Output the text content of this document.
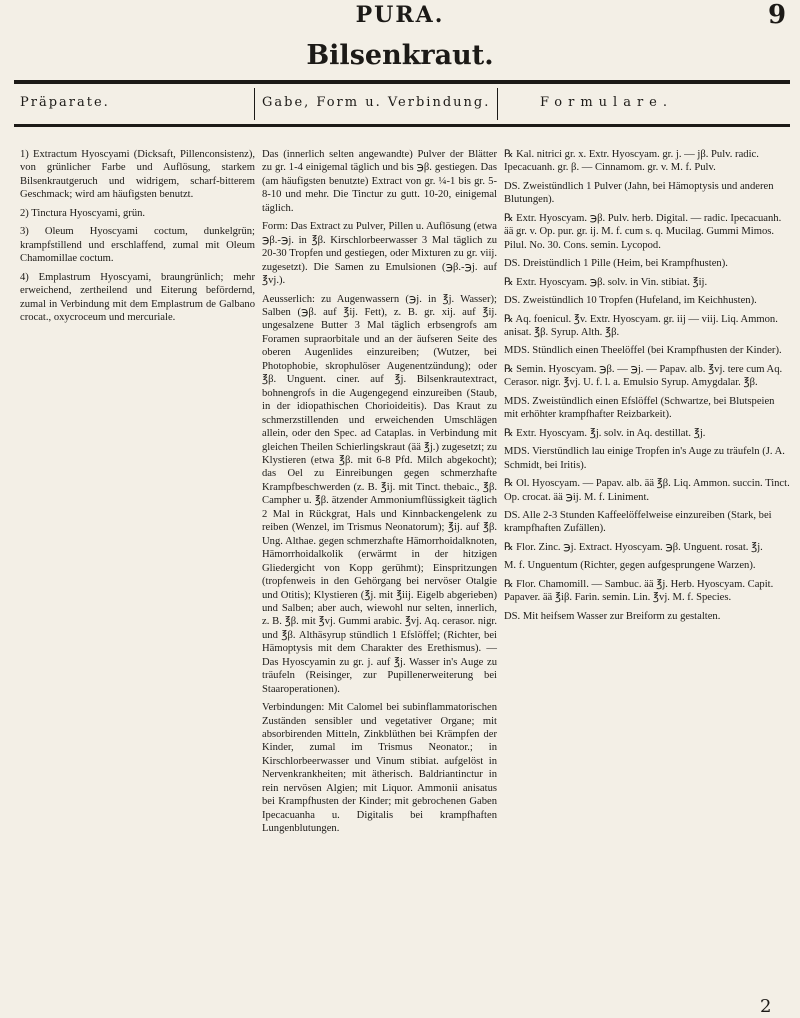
PURA.	9
Bilsenkraut.
Präparate.	Gabe, Form u. Verbindung.	Formulare.

1) Extractum Hyoscyami (Dicksaft, Pillenconsistenz), von grünlicher Farbe und Auflösung, starkem Bilsenkrautgeruch und widrigem, scharf-bitterem Geschmack; wird am häufigsten benutzt.

2) Tinctura Hyoscyami, grün.

3) Oleum Hyoscyami coctum, dunkelgrün; krampfstillend und erschlaffend, zumal mit Oleum Chamomillae coctum.

4) Emplastrum Hyoscyami, braungrünlich; mehr erweichend, zertheilend und Eiterung befördernd, zumal in Verbindung mit dem Emplastrum de Galbano crocat., oxycroceum und mercuriale.

Das (innerlich selten angewandte) Pulver der Blätter zu gr. 1-4 einigemal täglich und bis ℈β. gestiegen. Das (am häufigsten benutzte) Extract von gr. ¼-1 bis gr. 5-8-10 und mehr. Die Tinctur zu gutt. 10-20, einigemal täglich.

Form: Das Extract zu Pulver, Pillen u. Auflösung (etwa ℈β.-℈j. in ℥β. Kirschlorbeerwasser 3 Mal täglich zu 20-30 Tropfen und gestiegen, oder Mixturen zu gr. viij. zugesetzt). Die Samen zu Emulsionen (℈β.-℈j. auf ℥vj.).

Aeusserlich: zu Augenwassern (℈j. in ℥j. Wasser); Salben (℈β. auf ℥ij. Fett), z. B. gr. xij. auf ℥ij. ungesalzene Butter 3 Mal täglich erbsengrofs am Foramen supraorbitale und an der äufseren Seite des oberen Augenlides einzureiben; (Wutzer, bei Photophobie, skrophulöser Augenentzündung); oder ℥β. Unguent. ciner. auf ℥j. Bilsenkrautextract, bohnengrofs in die Augengegend einzureiben (Staub, in der idiopathischen Chorioideitis). Das Kraut zu schmerzstillenden und erweichenden Umschlägen allein, oder den Spec. ad Cataplas. in Verbindung mit gleichen Theilen Schierlingskraut (ää ℥j.) zugesetzt; zu Klystieren (etwa ℥β. mit 6-8 Pfd. Milch abgekocht); das Oel zu Einreibungen gegen schmerzhafte Krampfbeschwerden (z. B. ℥ij. mit Tinct. thebaic., ℥β. Campher u. ℥β. ätzender Ammoniumflüssigkeit täglich 2 Mal in Rückgrat, Hals und Kinnbackengelenk zu reiben (Wenzel, im Trismus Neonatorum); ℥ij. auf ℥β. Ung. Althae. gegen schmerzhafte Hämorrhoidalknoten, Hämorrhoidalkolik (erwärmt in der hitzigen Gliedergicht von Kopp gerühmt); Einspritzungen (tropfenweis in den Gehörgang bei nervöser Otalgie und Otitis); Klystieren (℥j. mit ℥iij. Eigelb abgerieben) und Salben; aber auch, wiewohl nur selten, innerlich, z. B. ℥β. mit ℥vj. Gummi arabic. ℥vj. Aq. cerasor. nigr. und ℥β. Althäsyrup stündlich 1 Efslöffel; (Richter, bei Hämoptysis mit dem Charakter des Erethismus). — Das Hyoscyamin zu gr. j. auf ℥j. Wasser in's Auge zu träufeln (Reisinger, zur Pupillenerweiterung bei Staaroperationen).

Verbindungen: Mit Calomel bei subinflammatorischen Zuständen sensibler und vegetativer Organe; mit absorbirenden Mitteln, Zinkblüthen bei Krämpfen der Kinder, zumal im Trismus Neonator.; in Kirschlorbeerwasser und Vinum stibiat. aufgelöst in Nervenkrankheiten; mit ätherisch. Baldriantinctur in rein nervösen Algien; mit Liquor. Ammonii anisatus bei Krampfhusten der Kinder; mit gebrochenen Gaben Ipecacuanha u. Digitalis bei krampfhaften Lungenblutungen.

℞ Kal. nitrici gr. x. Extr. Hyoscyam. gr. j. — jβ. Pulv. radic. Ipecacuanh. gr. β. — Cinnamom. gr. v. M. f. Pulv.

DS. Zweistündlich 1 Pulver (Jahn, bei Hämoptysis und anderen Blutungen).

℞ Extr. Hyoscyam. ℈β. Pulv. herb. Digital. — radic. Ipecacuanh. ää gr. v. Op. pur. gr. ij. M. f. cum s. q. Mucilag. Gummi Mimos. Pilul. No. 30. Cons. semin. Lycopod.

DS. Dreistündlich 1 Pille (Heim, bei Krampfhusten).

℞ Extr. Hyoscyam. ℈β. solv. in Vin. stibiat. ℥ij.

DS. Zweistündlich 10 Tropfen (Hufeland, im Keichhusten).

℞ Aq. foenicul. ℥v. Extr. Hyoscyam. gr. iij — viij. Liq. Ammon. anisat. ℥β. Syrup. Alth. ℥β.

MDS. Stündlich einen Theelöffel (bei Krampfhusten der Kinder).

℞ Semin. Hyoscyam. ℈β. — ℈j. — Papav. alb. ℥vj. tere cum Aq. Cerasor. nigr. ℥vj. U. f. l. a. Emulsio Syrup. Amygdalar. ℥β.

MDS. Zweistündlich einen Efslöffel (Schwartze, bei Blutspeien mit erhöhter krampfhafter Reizbarkeit).

℞ Extr. Hyoscyam. ℥j. solv. in Aq. destillat. ℥j.

MDS. Vierstündlich lau einige Tropfen in's Auge zu träufeln (J. A. Schmidt, bei Iritis).

℞ Ol. Hyoscyam. — Papav. alb. ää ℥β. Liq. Ammon. succin. Tinct. Op. crocat. ää ℈ij. M. f. Liniment.

DS. Alle 2-3 Stunden Kaffeelöffelweise einzureiben (Stark, bei krampfhaften Zufällen).

℞ Flor. Zinc. ℈j. Extract. Hyoscyam. ℈β. Unguent. rosat. ℥j.

M. f. Unguentum (Richter, gegen aufgesprungene Warzen).

℞ Flor. Chamomill. — Sambuc. ää ℥j. Herb. Hyoscyam. Capit. Papaver. ää ℥iβ. Farin. semin. Lin. ℥vj. M. f. Species.

DS. Mit heifsem Wasser zur Breiform zu gestalten.

2
